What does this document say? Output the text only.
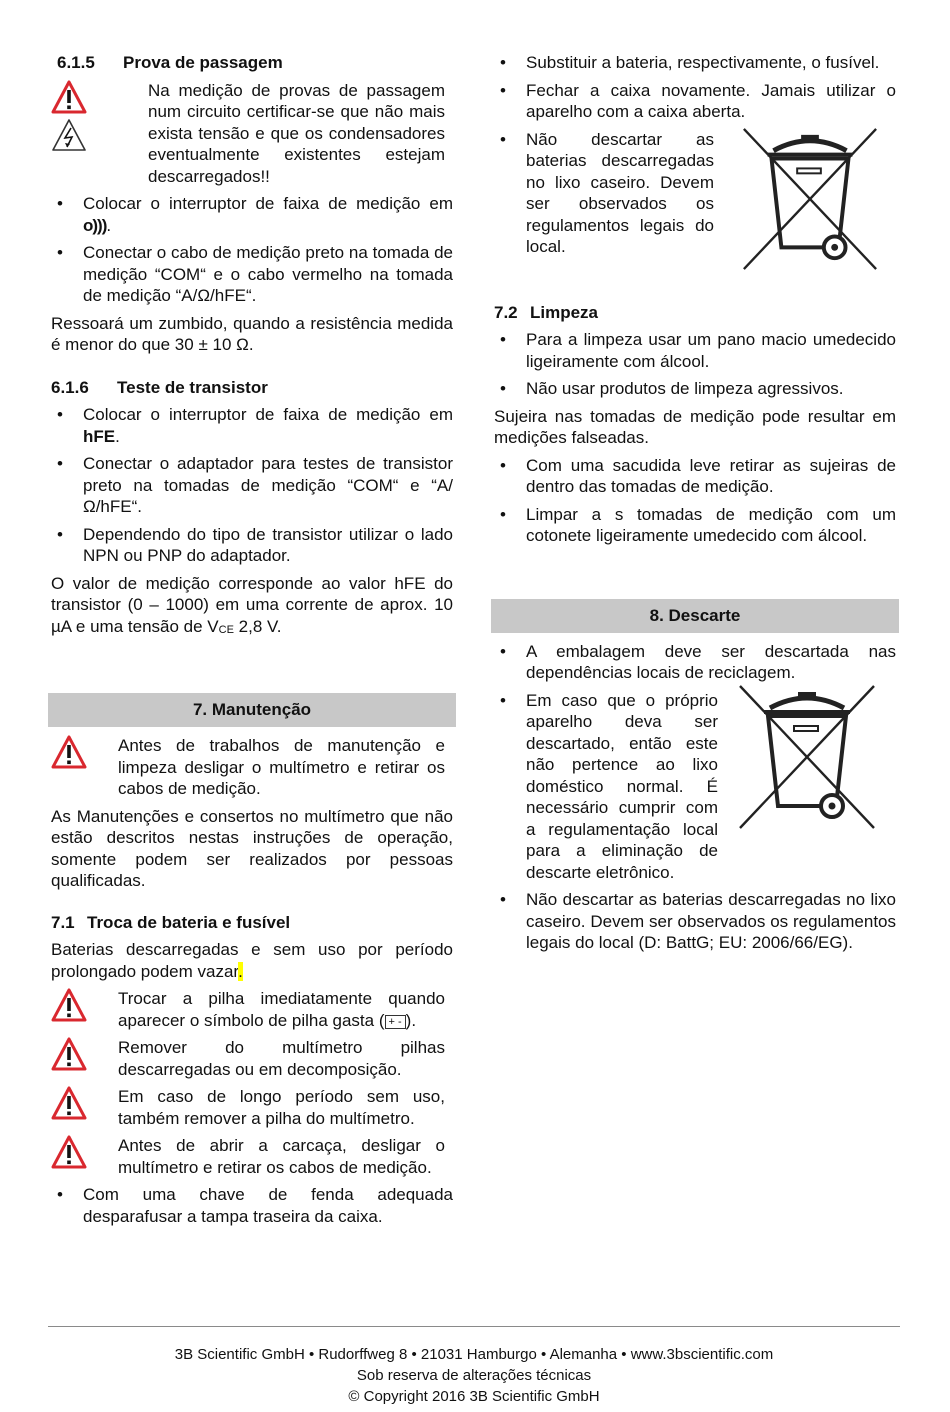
6.1.5 Prova de passagem
Na medição de provas de passagem num circuito certificar-se que não mais exista tensão e que os condensadores eventualmente existentes estejam descarregados!!
• Colocar o interruptor de faixa de medição em o))).
• Conectar o cabo de medição preto na tomada de medição “COM“ e o cabo vermelho na tomada de medição “A/Ω/hFE“.

Ressoará um zumbido, quando a resistência medida é menor do que 30 ± 10 Ω.

6.1.6 Teste de transistor
• Colocar o interruptor de faixa de medição em hFE.
• Conectar o adaptador para testes de transistor preto na tomadas de medição “COM“ e “A/Ω/hFE“.
• Dependendo do tipo de transistor utilizar o lado NPN ou PNP do adaptador.

O valor de medição corresponde ao valor hFE do transistor (0 – 1000) em uma corrente de aprox. 10 µA e uma tensão de $V_{CE}$ 2,8 V.

7. Manutenção
Antes de trabalhos de manutenção e limpeza desligar o multímetro e retirar os cabos de medição.

As Manutenções e consertos no multímetro que não estão descritos nestas instruções de operação, somente podem ser realizados por pessoas qualificadas.

7.1 Troca de bateria e fusível

Baterias descarregadas e sem uso por período prolongado podem vazar.

Trocar a pilha imediatamente quando aparecer o símbolo de pilha gasta ( + - ).
Remover do multímetro pilhas descarregadas ou em decomposição.
Em caso de longo período sem uso, também remover a pilha do multímetro.
Antes de abrir a carcaça, desligar o multímetro e retirar os cabos de medição.
• Com uma chave de fenda adequada desparafusar a tampa traseira da caixa.
• Substituir a bateria, respectivamente, o fusível.
• Fechar a caixa novamente. Jamais utilizar o aparelho com a caixa aberta.
• Não descartar as baterias descarregadas no lixo caseiro. Devem ser observados os regulamentos legais do local.
7.2 Limpeza
• Para a limpeza usar um pano macio umedecido ligeiramente com álcool.
• Não usar produtos de limpeza agressivos.

Sujeira nas tomadas de medição pode resultar em medições falseadas.

• Com uma sacudida leve retirar as sujeiras de dentro das tomadas de medição.
• Limpar a s tomadas de medição com um cotonete ligeiramente umedecido com álcool.
8. Descarte
• A embalagem deve ser descartada nas dependências locais de reciclagem.
• Em caso que o próprio aparelho deva ser descartado, então este não pertence ao lixo doméstico normal. É necessário cumprir com a regulamentação local para a eliminação de descarte eletrônico.
• Não descartar as baterias descarregadas no lixo caseiro. Devem ser observados os regulamentos legais do local (D: BattG; EU: 2006/66/EG).
3B Scientific GmbH • Rudorffweg 8 • 21031 Hamburgo • Alemanha • www.3bscientific.com
Sob reserva de alterações técnicas
© Copyright 2016 3B Scientific GmbH
